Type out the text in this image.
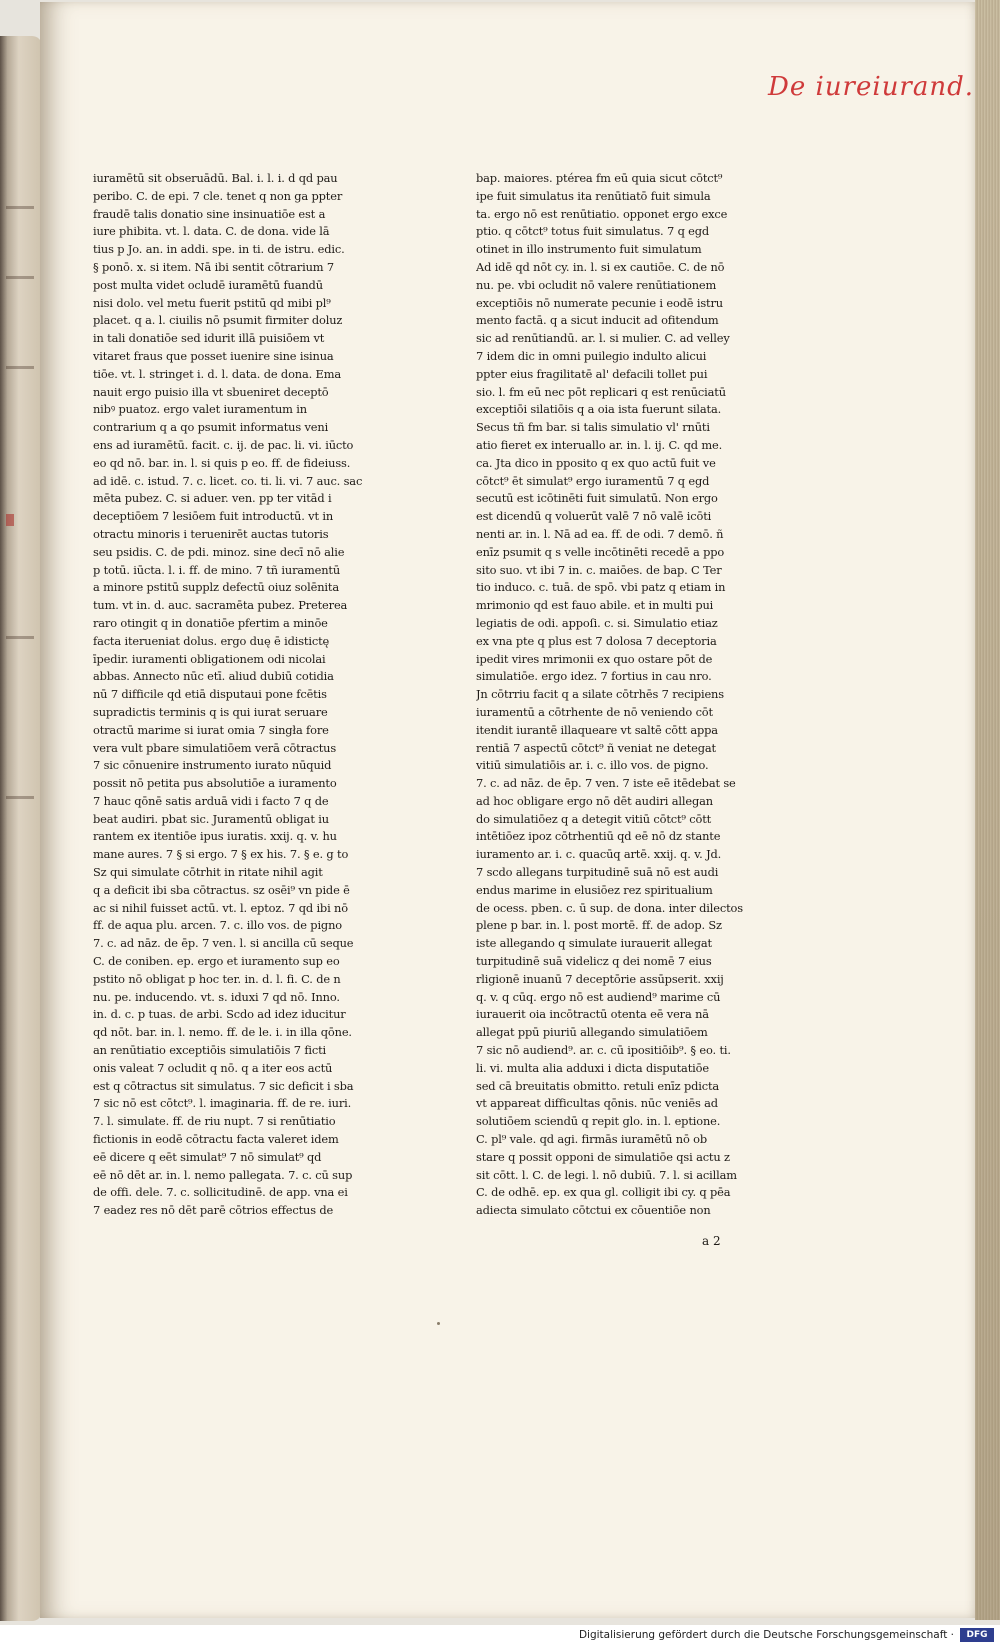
De iureiurand.
iuramētū sit obseruādū. Bal. i. l. i. d qd pau
peribo. C. de epi. 7 cle. tenet q non ga ppter
fraudē talis donatio sine insinuatiōe est a
iure phibita. vt. l. data. C. de dona. vide lā
tius p Jo. an. in addi. spe. in ti. de istru. edic.
§ ponō. x. si item. Nā ibi sentit cōtrarium 7
post multa videt ocludē iuramētū fuandū
nisi dolo. vel metu fuerit pstitū qd mibi pl⁹
placet. q a. l. ciuilis nō psumit firmiter doluz
in tali donatiōe sed idurit illā puisiōem vt
vitaret fraus que posset iuenire sine isinua
tiōe. vt. l. stringet i. d. l. data. de dona. Ema
nauit ergo puisio illa vt sbueniret deceptō
nibꝰ puatoz. ergo valet iuramentum in
contrarium q a qo psumit informatus veni
ens ad iuramētū. facit. c. ij. de pac. li. vi. iūcto
eo qd nō. bar. in. l. si quis p eo. ff. de fideiuss.
ad idē. c. istud. 7. c. licet. co. ti. li. vi. 7 auc. sac
mēta pubez. C. si aduer. ven. pp ter vitād i
deceptiōem 7 lesiōem fuit introductū. vt in
otractu minoris i teruenirēt auctas tutoris
seu psidis. C. de pdi. minoz. sine decī nō alie
p totū. iūcta. l. i. ff. de mino. 7 tñ iuramentū
a minore pstitū supplz defectū oiuz solēnita
tum. vt in. d. auc. sacramēta pubez. Preterea
raro otingit q in donatiōe pfertim a minōe
facta iterueniat dolus. ergo duę ē idistictę
īpedir. iuramenti obligationem odi nicolai
abbas. Annecto nūc etī. aliud dubiū cotidia
nū 7 difficile qd etiā disputaui pone fcētis
supradictis terminis q is qui iurat seruare
otractū marime si iurat omia 7 singła fore
vera vult pbare simulatiōem verā cōtractus
7 sic cōnuenire instrumento iurato nūquid
possit nō petita pus absolutiōe a iuramento
7 hauc qōnē satis arduā vidi i facto 7 q de
beat audiri. pbat sic. Juramentū obligat iu
rantem ex itentiōe ipus iuratis. xxij. q. v. hu
mane aures. 7 § si ergo. 7 § ex his. 7. § e. g to
Sz qui simulate cōtrhit in ritate nihil agit
q a deficit ibi sba cōtractus. sz osēi⁹ vn pide ē
ac si nihil fuisset actū. vt. l. eptoz. 7 qd ibi nō
ff. de aqua plu. arcen. 7. c. illo vos. de pigno
7. c. ad nāz. de ēp. 7 ven. l. si ancilla cū seque
C. de coniben. ep. ergo et iuramento sup eo
pstito nō obligat p hoc ter. in. d. l. fi. C. de n
nu. pe. inducendo. vt. s. iduxi 7 qd nō. Inno.
in. d. c. p tuas. de arbi. Scdo ad idez iducitur
qd nōt. bar. in. l. nemo. ff. de le. i. in illa qōne.
an renūtiatio exceptiōis simulatiōis 7 ficti
onis valeat 7 ocludit q nō. q a iter eos actū
est q cōtractus sit simulatus. 7 sic deficit i sba
7 sic nō est cōtct⁹. l. imaginaria. ff. de re. iuri.
7. l. simulate. ff. de riu nupt. 7 si renūtiatio
fictionis in eodē cōtractu facta valeret idem
eē dicere q eēt simulat⁹ 7 nō simulat⁹ qd
eē nō dēt ar. in. l. nemo pallegata. 7. c. cū sup
de offi. dele. 7. c. sollicitudinē. de app. vna ei
7 eadez res nō dēt parē cōtrios effectus de
bap. maiores. ptérea fm eū quia sicut cōtct⁹
ipe fuit simulatus ita renūtiatō fuit simula
ta. ergo nō est renūtiatio. opponet ergo exce
ptio. q cōtct⁹ totus fuit simulatus. 7 q egd
otinet in illo instrumento fuit simulatum
Ad idē qd nōt cy. in. l. si ex cautiōe. C. de nō
nu. pe. vbi ocludit nō valere renūtiationem
exceptiōis nō numerate pecunie i eodē istru
mento factā. q a sicut inducit ad ofitendum
sic ad renūtiandū. ar. l. si mulier. C. ad velley
7 idem dic in omni puilegio indulto alicui
ppter eius fragilitatē al' defacili tollet pui
sio. l. fm eū nec pōt replicari q est renūciatū
exceptiōi silatiōis q a oia ista fuerunt silata.
Secus tñ fm bar. si talis simulatio vl' rnūti
atio fieret ex interuallo ar. in. l. ij. C. qd me.
ca. Jta dico in pposito q ex quo actū fuit ve
cōtct⁹ ēt simulat⁹ ergo iuramentū 7 q egd
secutū est icōtinēti fuit simulatū. Non ergo
est dicendū q voluerūt valē 7 nō valē icōti
nenti ar. in. l. Nā ad ea. ff. de odi. 7 demō. ñ
enīz psumit q s velle incōtinēti recedē a ppo
sito suo. vt ibi 7 in. c. maiōes. de bap. C Ter
tio induco. c. tuā. de spō. vbi patz q etiam in
mrimonio qd est fauo abile. et in multi pui
legiatis de odi. appoſi. c. si. Simulatio etiaz
ex vna pte q plus est 7 dolosa 7 deceptoria
ipedit vires mrimonii ex quo ostare pōt de
simulatiōe. ergo idez. 7 fortius in cau nro.
Jn cōtrriu facit q a silate cōtrhēs 7 recipiens
iuramentū a cōtrhente de nō veniendo cōt
itendit iurantē illaqueare vt saltē cōtt appa
rentiā 7 aspectū cōtct⁹ ñ veniat ne detegat
vitiū simulatiōis ar. i. c. illo vos. de pigno.
7. c. ad nāz. de ēp. 7 ven. 7 iste eē itēdebat se
ad hoc obligare ergo nō dēt audiri allegan
do simulatiōez q a detegit vitiū cōtct⁹ cōtt
intētiōez ipoz cōtrhentiū qd eē nō dz stante
iuramento ar. i. c. quacūq artē. xxij. q. v. Jd.
7 scdo allegans turpitudinē suā nō est audi
endus marime in elusiōez rez spiritualium
de ocess. pben. c. ū sup. de dona. inter dilectos
plene p bar. in. l. post mortē. ff. de adop. Sz
iste allegando q simulate iurauerit allegat
turpitudinē suā videlicz q dei nomē 7 eius
rligionē inuanū 7 deceptōrie assūpserit. xxij
q. v. q cūq. ergo nō est audiend⁹ marime cū
iurauerit oia incōtractū otenta eē vera nā
allegat ppū piuriū allegando simulatiōem
7 sic nō audiend⁹. ar. c. cū ipositiōib⁹. § eo. ti.
li. vi. multa alia adduxi i dicta disputatiōe
sed cā breuitatis obmitto. retuli enīz pdicta
vt appareat difficultas qōnis. nūc veniēs ad
solutiōem sciendū q repit glo. in. l. eptione.
C. pl⁹ vale. qd agi. firmās iuramētū nō ob
stare q possit opponi de simulatiōe qsi actu z
sit cōtt. l. C. de legi. l. nō dubiū. 7. l. si acillam
C. de odhē. ep. ex qua gl. colligit ibi cy. q pēa
adiecta simulato cōtctui ex cōuentiōe non
a 2
Digitalisierung gefördert durch die Deutsche Forschungsgemeinschaft ·	DFG
